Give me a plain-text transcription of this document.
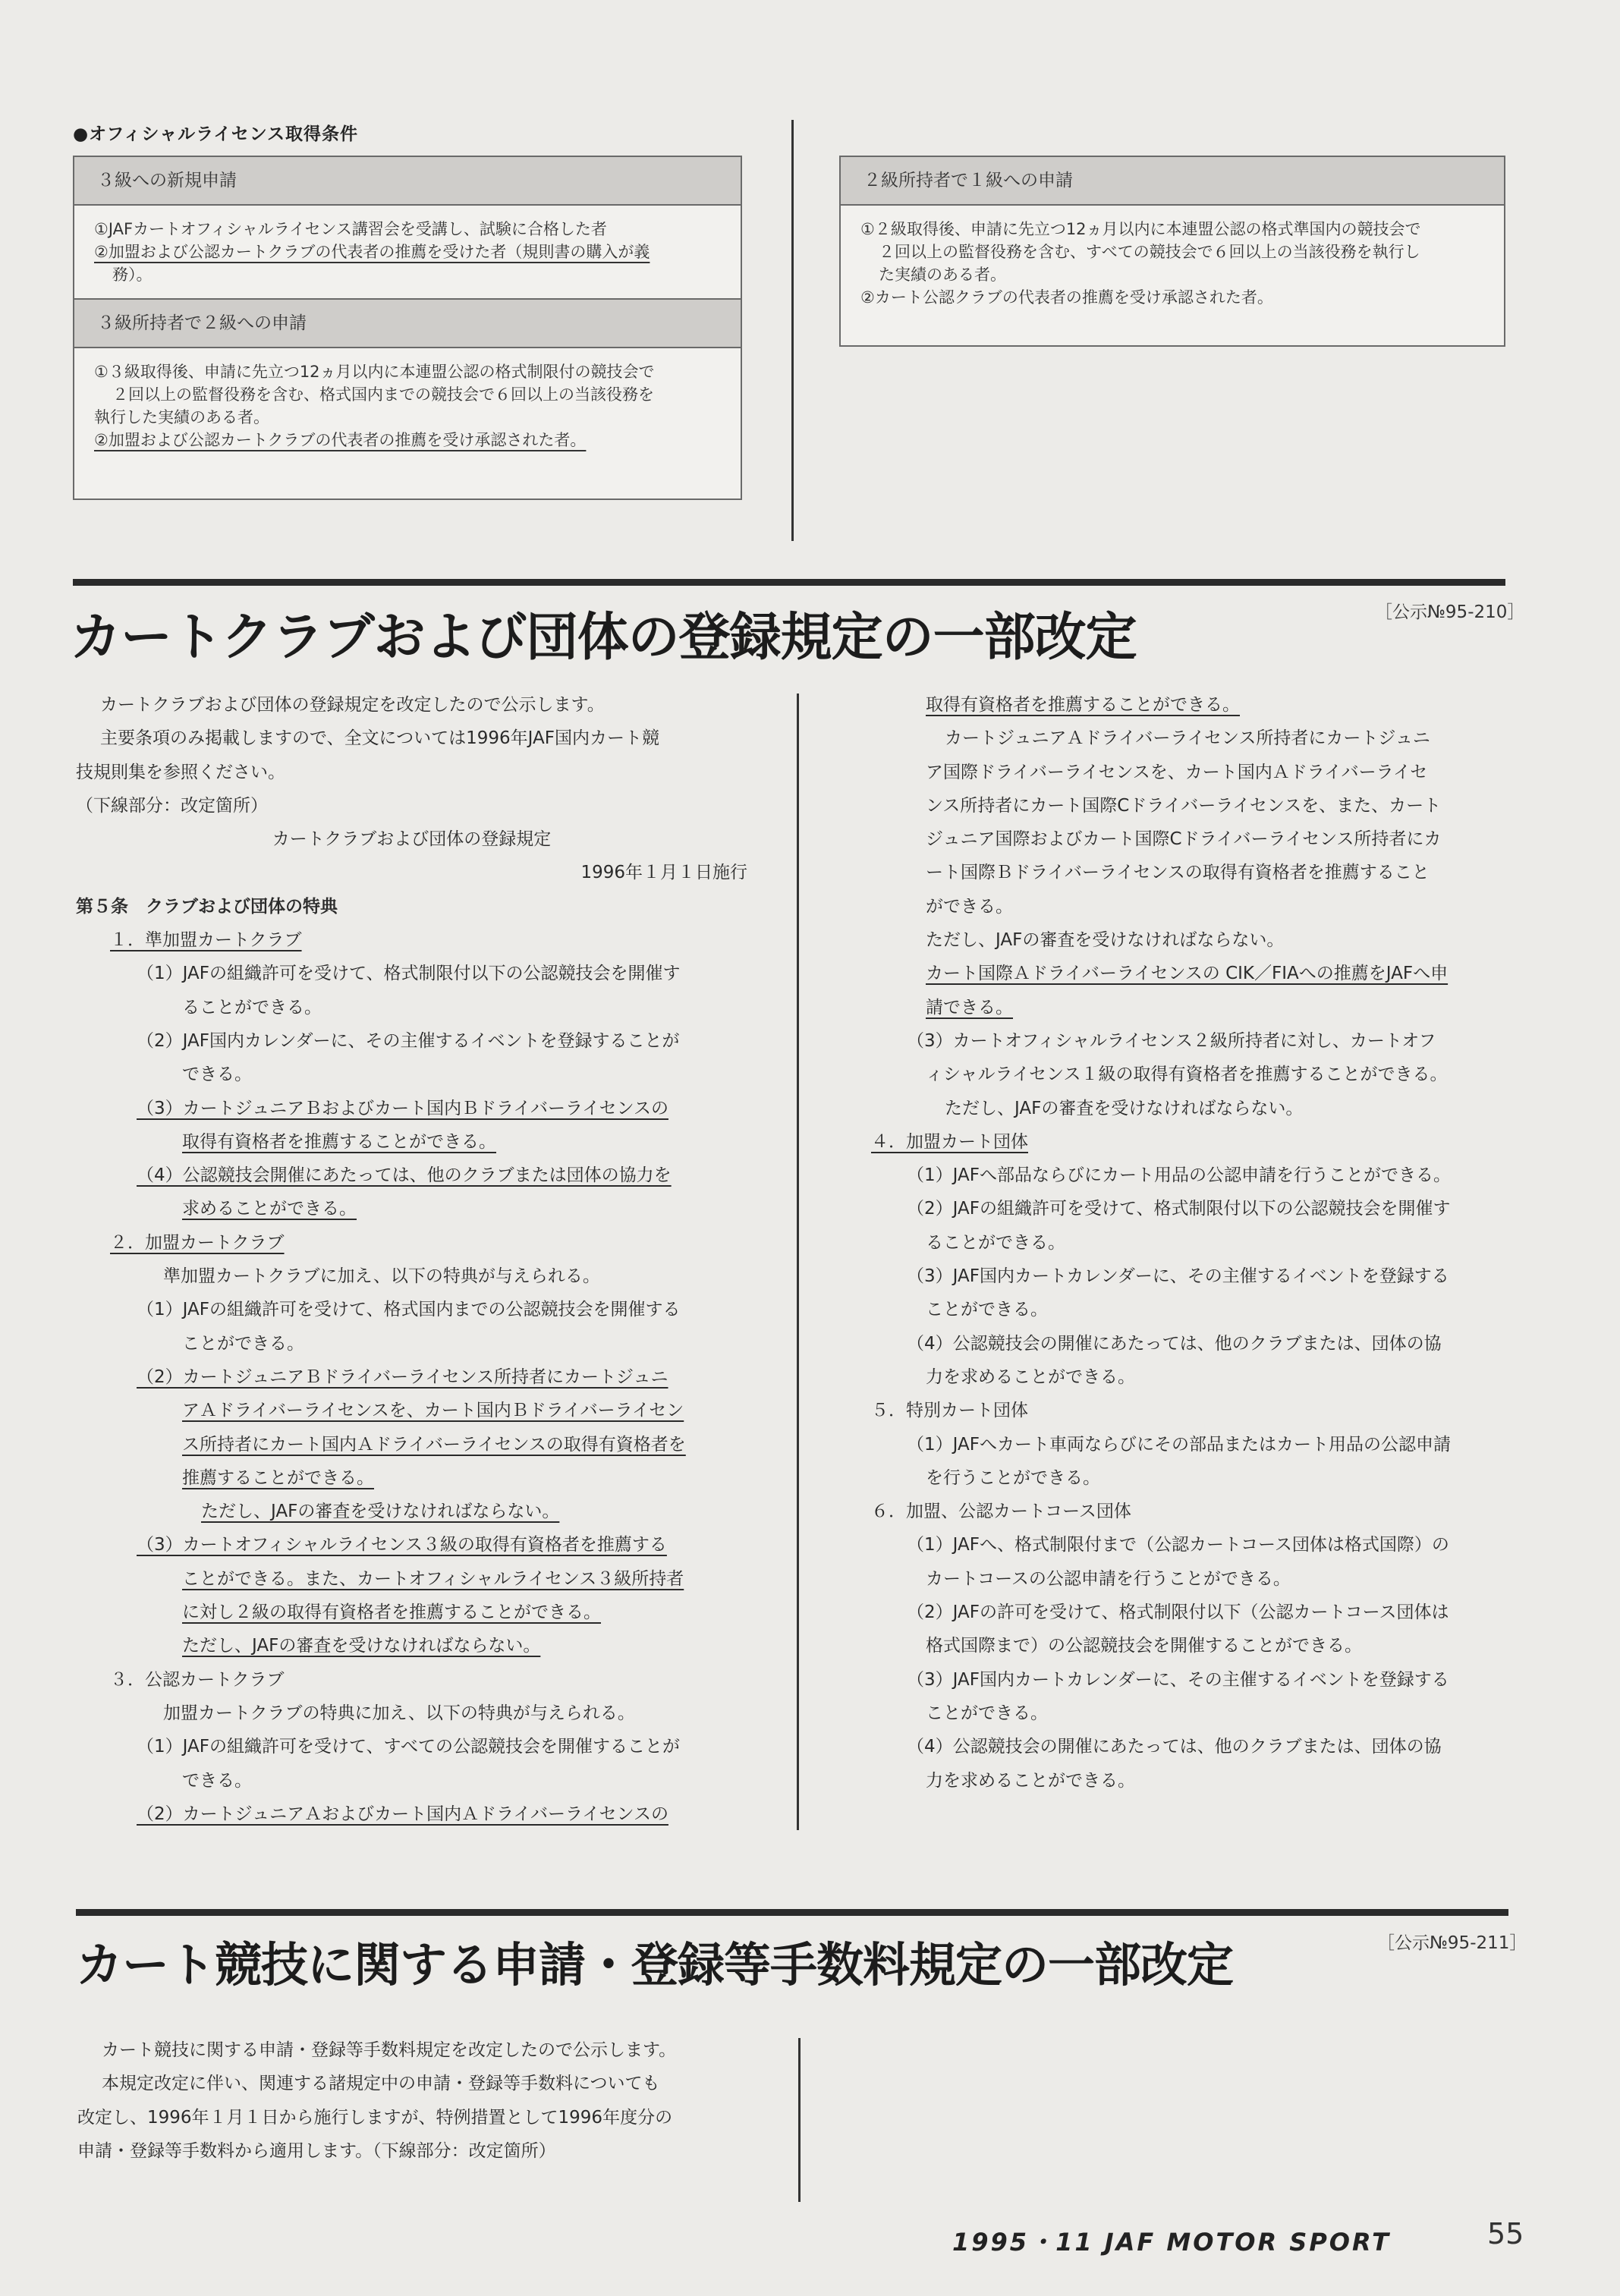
●オフィシャルライセンス取得条件
３級への新規申請

①JAFカートオフィシャルライセンス講習会を受講し、試験に合格した者

②加盟および公認カートクラブの代表者の推薦を受けた者（規則書の購入が義

務）。

３級所持者で２級への申請

①３級取得後、申請に先立つ12ヵ月以内に本連盟公認の格式制限付の競技会で

２回以上の監督役務を含む、格式国内までの競技会で６回以上の当該役務を

執行した実績のある者。

②加盟および公認カートクラブの代表者の推薦を受け承認された者。

２級所持者で１級への申請

①２級取得後、申請に先立つ12ヵ月以内に本連盟公認の格式準国内の競技会で

２回以上の監督役務を含む、すべての競技会で６回以上の当該役務を執行し

た実績のある者。

②カート公認クラブの代表者の推薦を受け承認された者。

カートクラブおよび団体の登録規定の一部改定	［公示№95-210］

カートクラブおよび団体の登録規定を改定したので公示します。

主要条項のみ掲載しますので、全文については1996年JAF国内カート競

技規則集を参照ください。

（下線部分：改定箇所）

カートクラブおよび団体の登録規定

1996年１月１日施行

第５条　クラブおよび団体の特典

１．準加盟カートクラブ

（1）JAFの組織許可を受けて、格式制限付以下の公認競技会を開催す

ることができる。

（2）JAF国内カレンダーに、その主催するイベントを登録することが

できる。

（3）カートジュニアＢおよびカート国内Ｂドライバーライセンスの

取得有資格者を推薦することができる。

（4）公認競技会開催にあたっては、他のクラブまたは団体の協力を

求めることができる。

２．加盟カートクラブ

準加盟カートクラブに加え、以下の特典が与えられる。

（1）JAFの組織許可を受けて、格式国内までの公認競技会を開催する

ことができる。

（2）カートジュニアＢドライバーライセンス所持者にカートジュニ

アＡドライバーライセンスを、カート国内Ｂドライバーライセン

ス所持者にカート国内Ａドライバーライセンスの取得有資格者を

推薦することができる。

ただし、JAFの審査を受けなければならない。

（3）カートオフィシャルライセンス３級の取得有資格者を推薦する

ことができる。また、カートオフィシャルライセンス３級所持者

に対し２級の取得有資格者を推薦することができる。

ただし、JAFの審査を受けなければならない。

３．公認カートクラブ

加盟カートクラブの特典に加え、以下の特典が与えられる。

（1）JAFの組織許可を受けて、すべての公認競技会を開催することが

できる。

（2）カートジュニアＡおよびカート国内Ａドライバーライセンスの

取得有資格者を推薦することができる。

カートジュニアＡドライバーライセンス所持者にカートジュニ

ア国際ドライバーライセンスを、カート国内Ａドライバーライセ

ンス所持者にカート国際Cドライバーライセンスを、また、カート

ジュニア国際およびカート国際Cドライバーライセンス所持者にカ

ート国際Ｂドライバーライセンスの取得有資格者を推薦すること

ができる。

ただし、JAFの審査を受けなければならない。

カート国際Ａドライバーライセンスの CIK／FIAへの推薦をJAFへ申

請できる。

（3）カートオフィシャルライセンス２級所持者に対し、カートオフ

ィシャルライセンス１級の取得有資格者を推薦することができる。

ただし、JAFの審査を受けなければならない。

４．加盟カート団体

（1）JAFへ部品ならびにカート用品の公認申請を行うことができる。

（2）JAFの組織許可を受けて、格式制限付以下の公認競技会を開催す

ることができる。

（3）JAF国内カートカレンダーに、その主催するイベントを登録する

ことができる。

（4）公認競技会の開催にあたっては、他のクラブまたは、団体の協

力を求めることができる。

５．特別カート団体

（1）JAFへカート車両ならびにその部品またはカート用品の公認申請

を行うことができる。

６．加盟、公認カートコース団体

（1）JAFへ、格式制限付まで（公認カートコース団体は格式国際）の

カートコースの公認申請を行うことができる。

（2）JAFの許可を受けて、格式制限付以下（公認カートコース団体は

格式国際まで）の公認競技会を開催することができる。

（3）JAF国内カートカレンダーに、その主催するイベントを登録する

ことができる。

（4）公認競技会の開催にあたっては、他のクラブまたは、団体の協

力を求めることができる。

カート競技に関する申請・登録等手数料規定の一部改定	［公示№95-211］

カート競技に関する申請・登録等手数料規定を改定したので公示します。

本規定改定に伴い、関連する諸規定中の申請・登録等手数料についても

改定し、1996年１月１日から施行しますが、特例措置として1996年度分の

申請・登録等手数料から適用します。（下線部分：改定箇所）

1995・11 JAF MOTOR SPORT	55
